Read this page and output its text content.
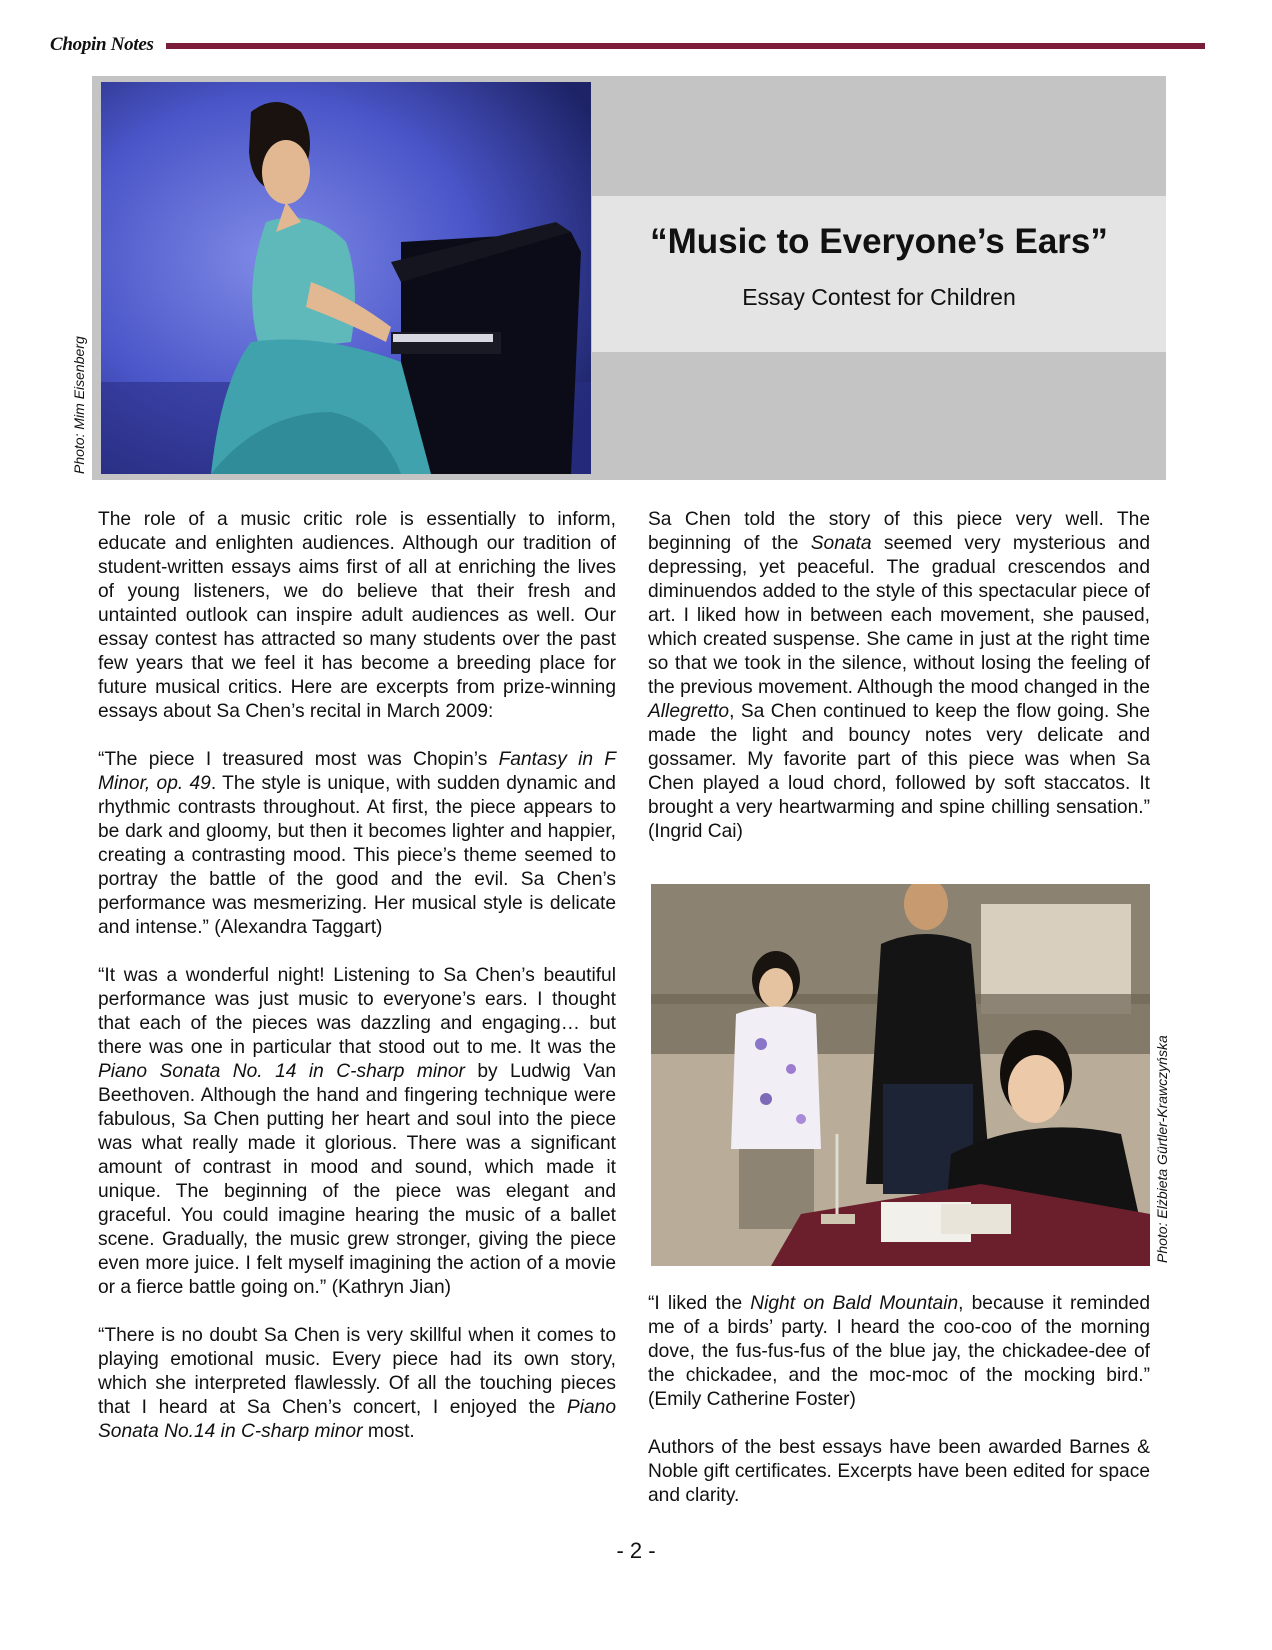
Chopin Notes
“Music to Everyone’s Ears”
Essay Contest for Children
Photo: Mim Eisenberg

The role of a music critic role is essentially to inform, educate and enlighten audiences. Although our tradition of student-written essays aims first of all at enriching the lives of young listeners, we do believe that their fresh and untainted outlook can inspire adult audiences as well. Our essay contest has attracted so many students over the past few years that we feel it has become a breeding place for future musical critics. Here are excerpts from prize-winning essays about Sa Chen’s recital in March 2009:

“The piece I treasured most was Chopin’s Fantasy in F Minor, op. 49. The style is unique, with sudden dynamic and rhythmic contrasts throughout. At first, the piece appears to be dark and gloomy, but then it becomes lighter and happier, creating a contrasting mood. This piece’s theme seemed to portray the battle of the good and the evil. Sa Chen’s performance was mesmerizing. Her musical style is delicate and intense.” (Alexandra Taggart)

“It was a wonderful night! Listening to Sa Chen’s beautiful performance was just music to everyone’s ears. I thought that each of the pieces was dazzling and engaging… but there was one in particular that stood out to me. It was the Piano Sonata No. 14 in C-sharp minor by Ludwig Van Beethoven. Although the hand and fingering technique were fabulous, Sa Chen putting her heart and soul into the piece was what really made it glorious. There was a significant amount of contrast in mood and sound, which made it unique. The beginning of the piece was elegant and graceful. You could imagine hearing the music of a ballet scene. Gradually, the music grew stronger, giving the piece even more juice. I felt myself imagining the action of a movie or a fierce battle going on.” (Kathryn Jian)

“There is no doubt Sa Chen is very skillful when it comes to playing emotional music. Every piece had its own story, which she interpreted flawlessly. Of all the touching pieces that I heard at Sa Chen’s concert, I enjoyed the Piano Sonata No.14 in C-sharp minor most.

Sa Chen told the story of this piece very well. The beginning of the Sonata seemed very mysterious and depressing, yet peaceful. The gradual crescendos and diminuendos added to the style of this spectacular piece of art. I liked how in between each movement, she paused, which created suspense. She came in just at the right time so that we took in the silence, without losing the feeling of the previous movement. Although the mood changed in the Allegretto, Sa Chen continued to keep the flow going. She made the light and bouncy notes very delicate and gossamer. My favorite part of this piece was when Sa Chen played a loud chord, followed by soft staccatos. It brought a very heartwarming and spine chilling sensation.” (Ingrid Cai)

Photo: Elżbieta Gürtler-Krawczyńska

“I liked the Night on Bald Mountain, because it reminded me of a birds’ party. I heard the coo-coo of the morning dove, the fus-fus-fus of the blue jay, the chickadee-dee of the chickadee, and the moc-moc of the mocking bird.” (Emily Catherine Foster)

Authors of the best essays have been awarded Barnes & Noble gift certificates. Excerpts have been edited for space and clarity.

- 2 -
